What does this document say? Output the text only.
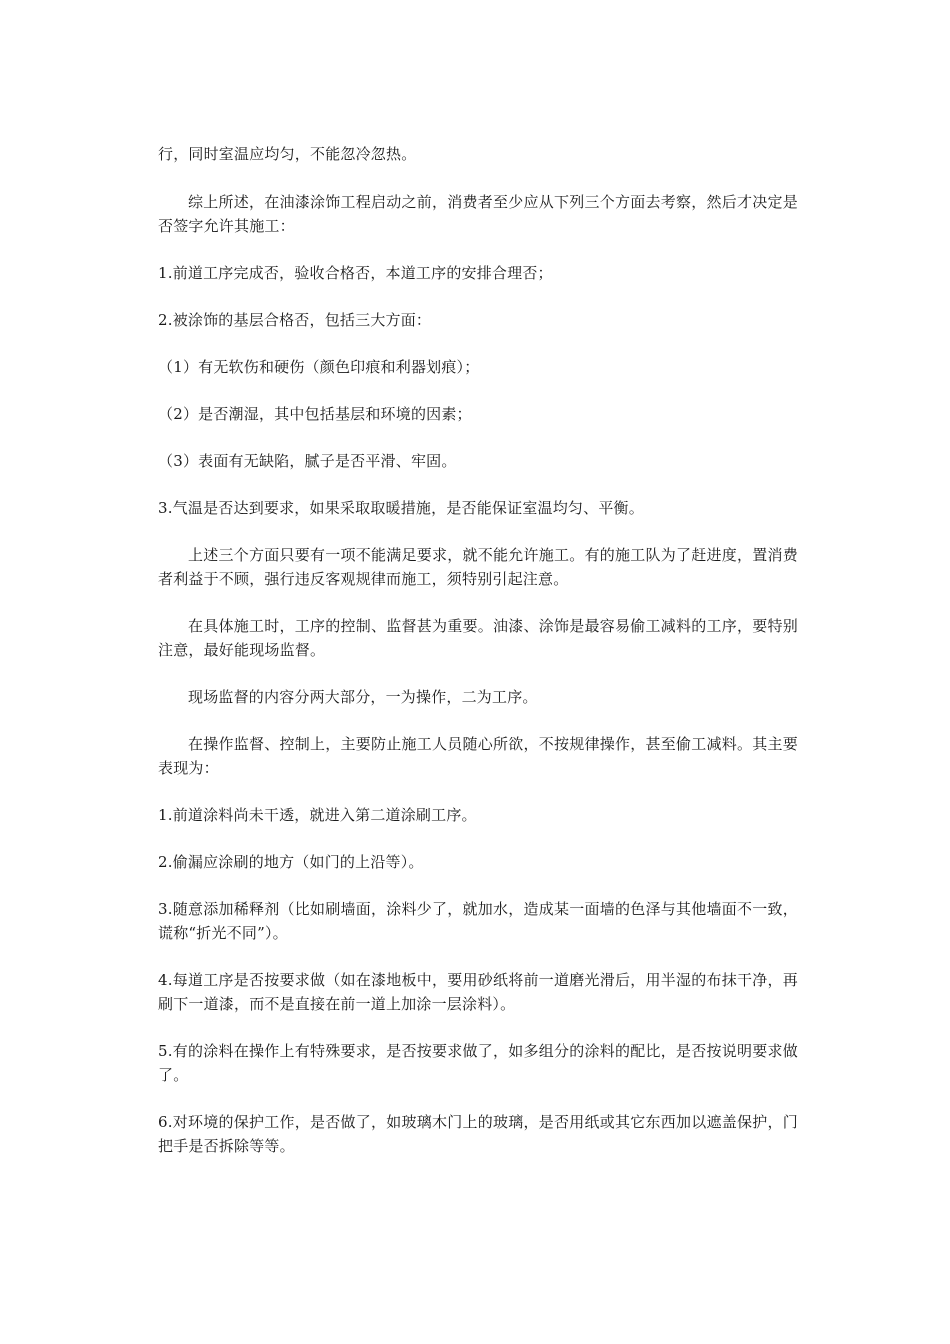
行，同时室温应均匀，不能忽冷忽热。

综上所述，在油漆涂饰工程启动之前，消费者至少应从下列三个方面去考察，然后才决定是否签字允许其施工：

1.前道工序完成否，验收合格否，本道工序的安排合理否；

2.被涂饰的基层合格否，包括三大方面：

（1）有无软伤和硬伤（颜色印痕和利器划痕）；

（2）是否潮湿，其中包括基层和环境的因素；

（3）表面有无缺陷，腻子是否平滑、牢固。

3.气温是否达到要求，如果采取取暖措施，是否能保证室温均匀、平衡。

上述三个方面只要有一项不能满足要求，就不能允许施工。有的施工队为了赶进度，置消费者利益于不顾，强行违反客观规律而施工，须特别引起注意。

在具体施工时，工序的控制、监督甚为重要。油漆、涂饰是最容易偷工减料的工序，要特别注意，最好能现场监督。

现场监督的内容分两大部分，一为操作，二为工序。

在操作监督、控制上，主要防止施工人员随心所欲，不按规律操作，甚至偷工减料。其主要表现为：

1.前道涂料尚未干透，就进入第二道涂刷工序。

2.偷漏应涂刷的地方（如门的上沿等）。

3.随意添加稀释剂（比如刷墙面，涂料少了，就加水，造成某一面墙的色泽与其他墙面不一致，谎称“折光不同”）。

4.每道工序是否按要求做（如在漆地板中，要用砂纸将前一道磨光滑后，用半湿的布抹干净，再刷下一道漆，而不是直接在前一道上加涂一层涂料）。

5.有的涂料在操作上有特殊要求，是否按要求做了，如多组分的涂料的配比，是否按说明要求做了。

6.对环境的保护工作，是否做了，如玻璃木门上的玻璃，是否用纸或其它东西加以遮盖保护，门把手是否拆除等等。
